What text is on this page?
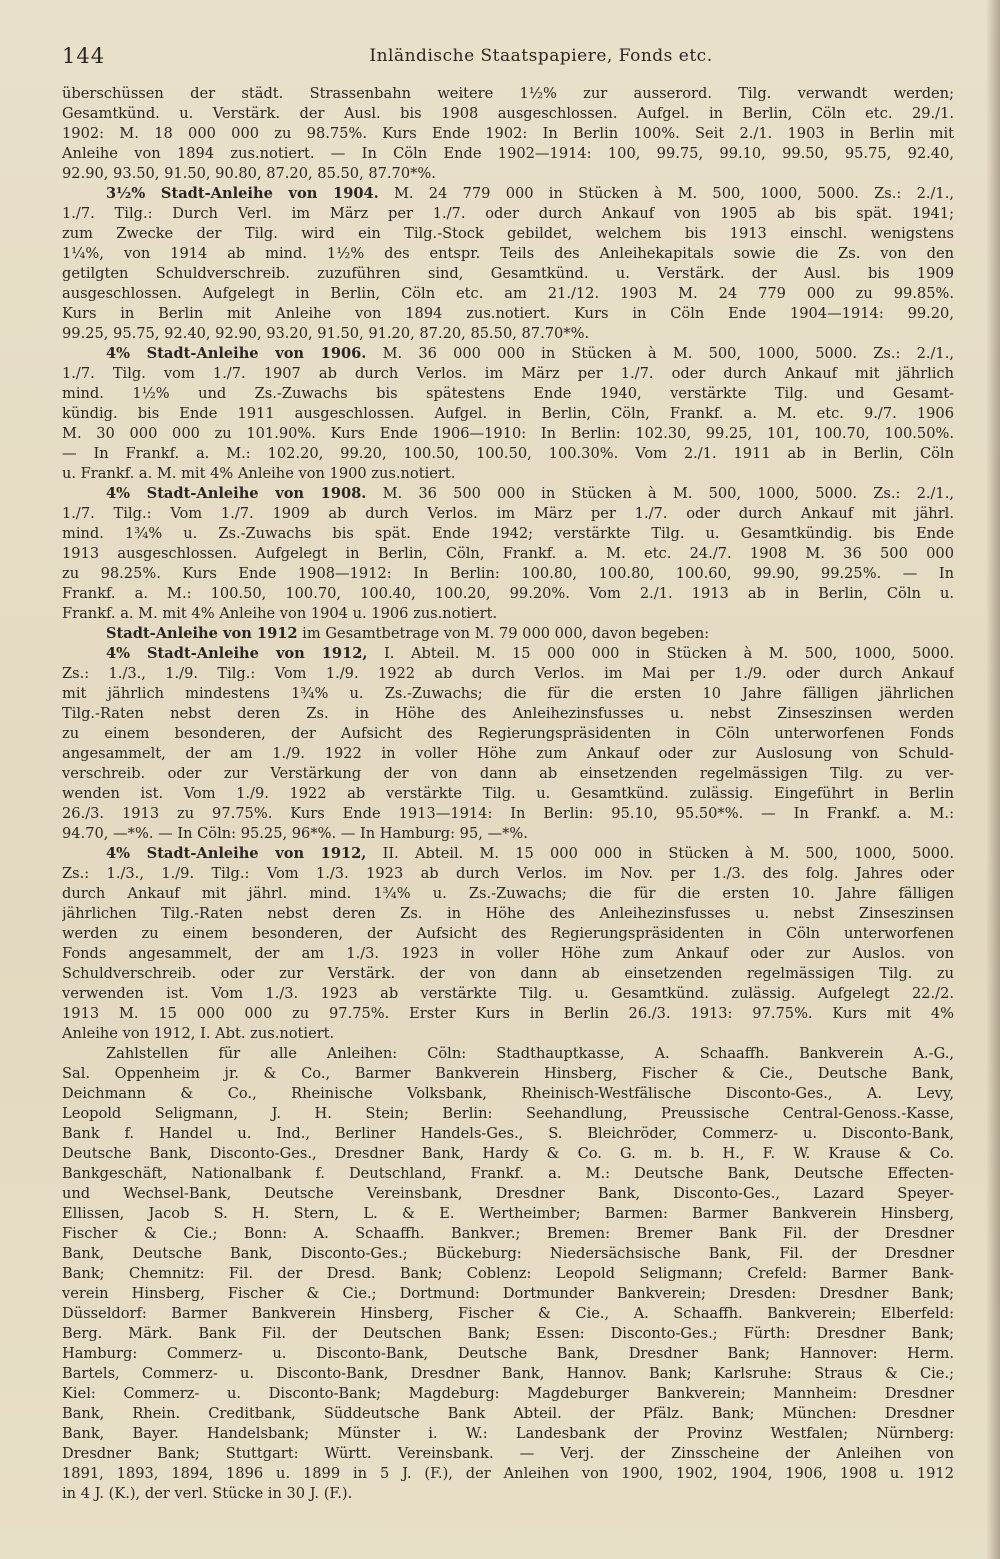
144	Inländische Staatspapiere, Fonds etc.
überschüssen der städt. Strassenbahn weitere 1½% zur ausserord. Tilg. verwandt werden;
Gesamtkünd. u. Verstärk. der Ausl. bis 1908 ausgeschlossen. Aufgel. in Berlin, Cöln etc. 29./1.
1902: M. 18 000 000 zu 98.75%. Kurs Ende 1902: In Berlin 100%. Seit 2./1. 1903 in Berlin mit
Anleihe von 1894 zus.notiert. — In Cöln Ende 1902—1914: 100, 99.75, 99.10, 99.50, 95.75, 92.40,
92.90, 93.50, 91.50, 90.80, 87.20, 85.50, 87.70*%.
3½% Stadt-Anleihe von 1904. M. 24 779 000 in Stücken à M. 500, 1000, 5000. Zs.: 2./1.,
1./7. Tilg.: Durch Verl. im März per 1./7. oder durch Ankauf von 1905 ab bis spät. 1941;
zum Zwecke der Tilg. wird ein Tilg.-Stock gebildet, welchem bis 1913 einschl. wenigstens
1¼%, von 1914 ab mind. 1½% des entspr. Teils des Anleihekapitals sowie die Zs. von den
getilgten Schuldverschreib. zuzuführen sind, Gesamtkünd. u. Verstärk. der Ausl. bis 1909
ausgeschlossen. Aufgelegt in Berlin, Cöln etc. am 21./12. 1903 M. 24 779 000 zu 99.85%.
Kurs in Berlin mit Anleihe von 1894 zus.notiert. Kurs in Cöln Ende 1904—1914: 99.20,
99.25, 95.75, 92.40, 92.90, 93.20, 91.50, 91.20, 87.20, 85.50, 87.70*%.
4% Stadt-Anleihe von 1906. M. 36 000 000 in Stücken à M. 500, 1000, 5000. Zs.: 2./1.,
1./7. Tilg. vom 1./7. 1907 ab durch Verlos. im März per 1./7. oder durch Ankauf mit jährlich
mind. 1½% und Zs.-Zuwachs bis spätestens Ende 1940, verstärkte Tilg. und Gesamt-
kündig. bis Ende 1911 ausgeschlossen. Aufgel. in Berlin, Cöln, Frankf. a. M. etc. 9./7. 1906
M. 30 000 000 zu 101.90%. Kurs Ende 1906—1910: In Berlin: 102.30, 99.25, 101, 100.70, 100.50%.
— In Frankf. a. M.: 102.20, 99.20, 100.50, 100.50, 100.30%. Vom 2./1. 1911 ab in Berlin, Cöln
u. Frankf. a. M. mit 4% Anleihe von 1900 zus.notiert.
4% Stadt-Anleihe von 1908. M. 36 500 000 in Stücken à M. 500, 1000, 5000. Zs.: 2./1.,
1./7. Tilg.: Vom 1./7. 1909 ab durch Verlos. im März per 1./7. oder durch Ankauf mit jährl.
mind. 1¾% u. Zs.-Zuwachs bis spät. Ende 1942; verstärkte Tilg. u. Gesamtkündig. bis Ende
1913 ausgeschlossen. Aufgelegt in Berlin, Cöln, Frankf. a. M. etc. 24./7. 1908 M. 36 500 000
zu 98.25%. Kurs Ende 1908—1912: In Berlin: 100.80, 100.80, 100.60, 99.90, 99.25%. — In
Frankf. a. M.: 100.50, 100.70, 100.40, 100.20, 99.20%. Vom 2./1. 1913 ab in Berlin, Cöln u.
Frankf. a. M. mit 4% Anleihe von 1904 u. 1906 zus.notiert.
Stadt-Anleihe von 1912 im Gesamtbetrage von M. 79 000 000, davon begeben:
4% Stadt-Anleihe von 1912, I. Abteil. M. 15 000 000 in Stücken à M. 500, 1000, 5000.
Zs.: 1./3., 1./9. Tilg.: Vom 1./9. 1922 ab durch Verlos. im Mai per 1./9. oder durch Ankauf
mit jährlich mindestens 1¾% u. Zs.-Zuwachs; die für die ersten 10 Jahre fälligen jährlichen
Tilg.-Raten nebst deren Zs. in Höhe des Anleihezinsfusses u. nebst Zinseszinsen werden
zu einem besonderen, der Aufsicht des Regierungspräsidenten in Cöln unterworfenen Fonds
angesammelt, der am 1./9. 1922 in voller Höhe zum Ankauf oder zur Auslosung von Schuld-
verschreib. oder zur Verstärkung der von dann ab einsetzenden regelmässigen Tilg. zu ver-
wenden ist. Vom 1./9. 1922 ab verstärkte Tilg. u. Gesamtkünd. zulässig. Eingeführt in Berlin
26./3. 1913 zu 97.75%. Kurs Ende 1913—1914: In Berlin: 95.10, 95.50*%. — In Frankf. a. M.:
94.70, —*%. — In Cöln: 95.25, 96*%. — In Hamburg: 95, —*%.
4% Stadt-Anleihe von 1912, II. Abteil. M. 15 000 000 in Stücken à M. 500, 1000, 5000.
Zs.: 1./3., 1./9. Tilg.: Vom 1./3. 1923 ab durch Verlos. im Nov. per 1./3. des folg. Jahres oder
durch Ankauf mit jährl. mind. 1¾% u. Zs.-Zuwachs; die für die ersten 10. Jahre fälligen
jährlichen Tilg.-Raten nebst deren Zs. in Höhe des Anleihezinsfusses u. nebst Zinseszinsen
werden zu einem besonderen, der Aufsicht des Regierungspräsidenten in Cöln unterworfenen
Fonds angesammelt, der am 1./3. 1923 in voller Höhe zum Ankauf oder zur Auslos. von
Schuldverschreib. oder zur Verstärk. der von dann ab einsetzenden regelmässigen Tilg. zu
verwenden ist. Vom 1./3. 1923 ab verstärkte Tilg. u. Gesamtkünd. zulässig. Aufgelegt 22./2.
1913 M. 15 000 000 zu 97.75%. Erster Kurs in Berlin 26./3. 1913: 97.75%. Kurs mit 4%
Anleihe von 1912, I. Abt. zus.notiert.
Zahlstellen für alle Anleihen: Cöln: Stadthauptkasse, A. Schaaffh. Bankverein A.-G.,
Sal. Oppenheim jr. & Co., Barmer Bankverein Hinsberg, Fischer & Cie., Deutsche Bank,
Deichmann & Co., Rheinische Volksbank, Rheinisch-Westfälische Disconto-Ges., A. Levy,
Leopold Seligmann, J. H. Stein; Berlin: Seehandlung, Preussische Central-Genoss.-Kasse,
Bank f. Handel u. Ind., Berliner Handels-Ges., S. Bleichröder, Commerz- u. Disconto-Bank,
Deutsche Bank, Disconto-Ges., Dresdner Bank, Hardy & Co. G. m. b. H., F. W. Krause & Co.
Bankgeschäft, Nationalbank f. Deutschland, Frankf. a. M.: Deutsche Bank, Deutsche Effecten-
und Wechsel-Bank, Deutsche Vereinsbank, Dresdner Bank, Disconto-Ges., Lazard Speyer-
Ellissen, Jacob S. H. Stern, L. & E. Wertheimber; Barmen: Barmer Bankverein Hinsberg,
Fischer & Cie.; Bonn: A. Schaaffh. Bankver.; Bremen: Bremer Bank Fil. der Dresdner
Bank, Deutsche Bank, Disconto-Ges.; Bückeburg: Niedersächsische Bank, Fil. der Dresdner
Bank; Chemnitz: Fil. der Dresd. Bank; Coblenz: Leopold Seligmann; Crefeld: Barmer Bank-
verein Hinsberg, Fischer & Cie.; Dortmund: Dortmunder Bankverein; Dresden: Dresdner Bank;
Düsseldorf: Barmer Bankverein Hinsberg, Fischer & Cie., A. Schaaffh. Bankverein; Elberfeld:
Berg. Märk. Bank Fil. der Deutschen Bank; Essen: Disconto-Ges.; Fürth: Dresdner Bank;
Hamburg: Commerz- u. Disconto-Bank, Deutsche Bank, Dresdner Bank; Hannover: Herm.
Bartels, Commerz- u. Disconto-Bank, Dresdner Bank, Hannov. Bank; Karlsruhe: Straus & Cie.;
Kiel: Commerz- u. Disconto-Bank; Magdeburg: Magdeburger Bankverein; Mannheim: Dresdner
Bank, Rhein. Creditbank, Süddeutsche Bank Abteil. der Pfälz. Bank; München: Dresdner
Bank, Bayer. Handelsbank; Münster i. W.: Landesbank der Provinz Westfalen; Nürnberg:
Dresdner Bank; Stuttgart: Württ. Vereinsbank. — Verj. der Zinsscheine der Anleihen von
1891, 1893, 1894, 1896 u. 1899 in 5 J. (F.), der Anleihen von 1900, 1902, 1904, 1906, 1908 u. 1912
in 4 J. (K.), der verl. Stücke in 30 J. (F.).
